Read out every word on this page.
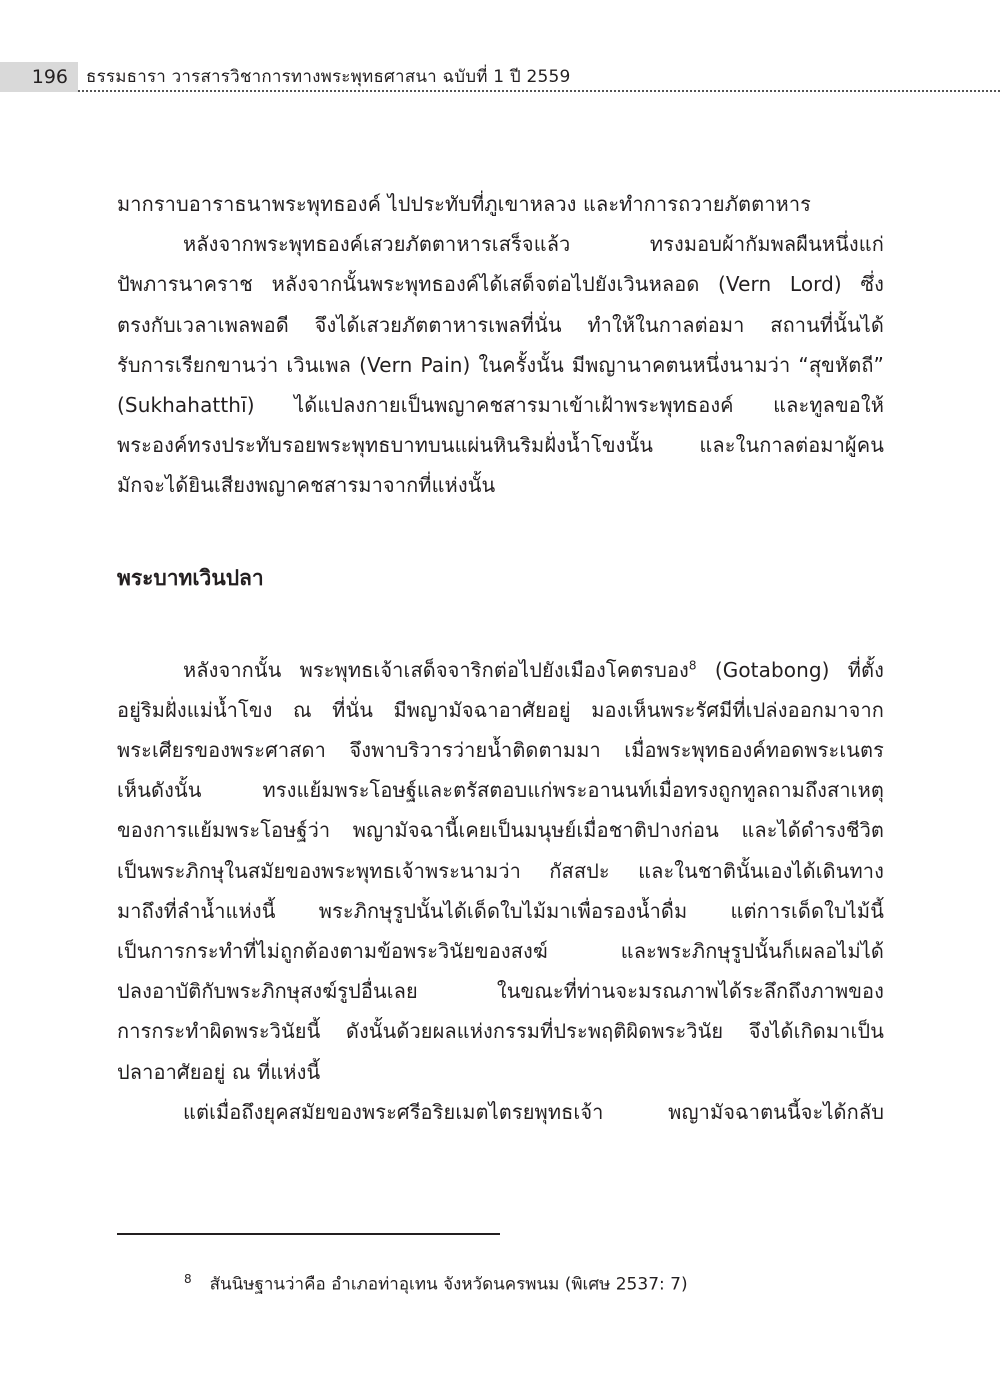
196	ธรรมธารา วารสารวิชาการทางพระพุทธศาสนา ฉบับที่ 1 ปี 2559

มากราบอาราธนาพระพุทธองค์ ไปประทับที่ภูเขาหลวง และทำการถวายภัตตาหาร

หลังจากพระพุทธองค์เสวยภัตตาหารเสร็จแล้ว ทรงมอบผ้ากัมพลผืนหนึ่งแก่
ปัพภารนาคราช หลังจากนั้นพระพุทธองค์ได้เสด็จต่อไปยังเวินหลอด (Vern Lord) ซึ่ง
ตรงกับเวลาเพลพอดี จึงได้เสวยภัตตาหารเพลที่นั่น ทำให้ในกาลต่อมา สถานที่นั้นได้
รับการเรียกขานว่า เวินเพล (Vern Pain) ในครั้งนั้น มีพญานาคตนหนึ่งนามว่า “สุขหัตถี”
(Sukhahatthī) ได้แปลงกายเป็นพญาคชสารมาเข้าเฝ้าพระพุทธองค์ และทูลขอให้
พระองค์ทรงประทับรอยพระพุทธบาทบนแผ่นหินริมฝั่งน้ำโขงนั้น และในกาลต่อมาผู้คน
มักจะได้ยินเสียงพญาคชสารมาจากที่แห่งนั้น

พระบาทเวินปลา

หลังจากนั้น พระพุทธเจ้าเสด็จจาริกต่อไปยังเมืองโคตรบอง$^8$ (Gotabong) ที่ตั้ง
อยู่ริมฝั่งแม่น้ำโขง ณ ที่นั่น มีพญามัจฉาอาศัยอยู่ มองเห็นพระรัศมีที่เปล่งออกมาจาก
พระเศียรของพระศาสดา จึงพาบริวารว่ายน้ำติดตามมา เมื่อพระพุทธองค์ทอดพระเนตร
เห็นดังนั้น ทรงแย้มพระโอษฐ์และตรัสตอบแก่พระอานนท์เมื่อทรงถูกทูลถามถึงสาเหตุ
ของการแย้มพระโอษฐ์ว่า พญามัจฉานี้เคยเป็นมนุษย์เมื่อชาติปางก่อน และได้ดำรงชีวิต
เป็นพระภิกษุในสมัยของพระพุทธเจ้าพระนามว่า กัสสปะ และในชาตินั้นเองได้เดินทาง
มาถึงที่ลำน้ำแห่งนี้ พระภิกษุรูปนั้นได้เด็ดใบไม้มาเพื่อรองน้ำดื่ม แต่การเด็ดใบไม้นี้
เป็นการกระทำที่ไม่ถูกต้องตามข้อพระวินัยของสงฆ์ และพระภิกษุรูปนั้นก็เผลอไม่ได้
ปลงอาบัติกับพระภิกษุสงฆ์รูปอื่นเลย ในขณะที่ท่านจะมรณภาพได้ระลึกถึงภาพของ
การกระทำผิดพระวินัยนี้ ดังนั้นด้วยผลแห่งกรรมที่ประพฤติผิดพระวินัย จึงได้เกิดมาเป็น
ปลาอาศัยอยู่ ณ ที่แห่งนี้

แต่เมื่อถึงยุคสมัยของพระศรีอริยเมตไตรยพุทธเจ้า พญามัจฉาตนนี้จะได้กลับ

$^8$ สันนิษฐานว่าคือ อำเภอท่าอุเทน จังหวัดนครพนม (พิเศษ 2537: 7)
